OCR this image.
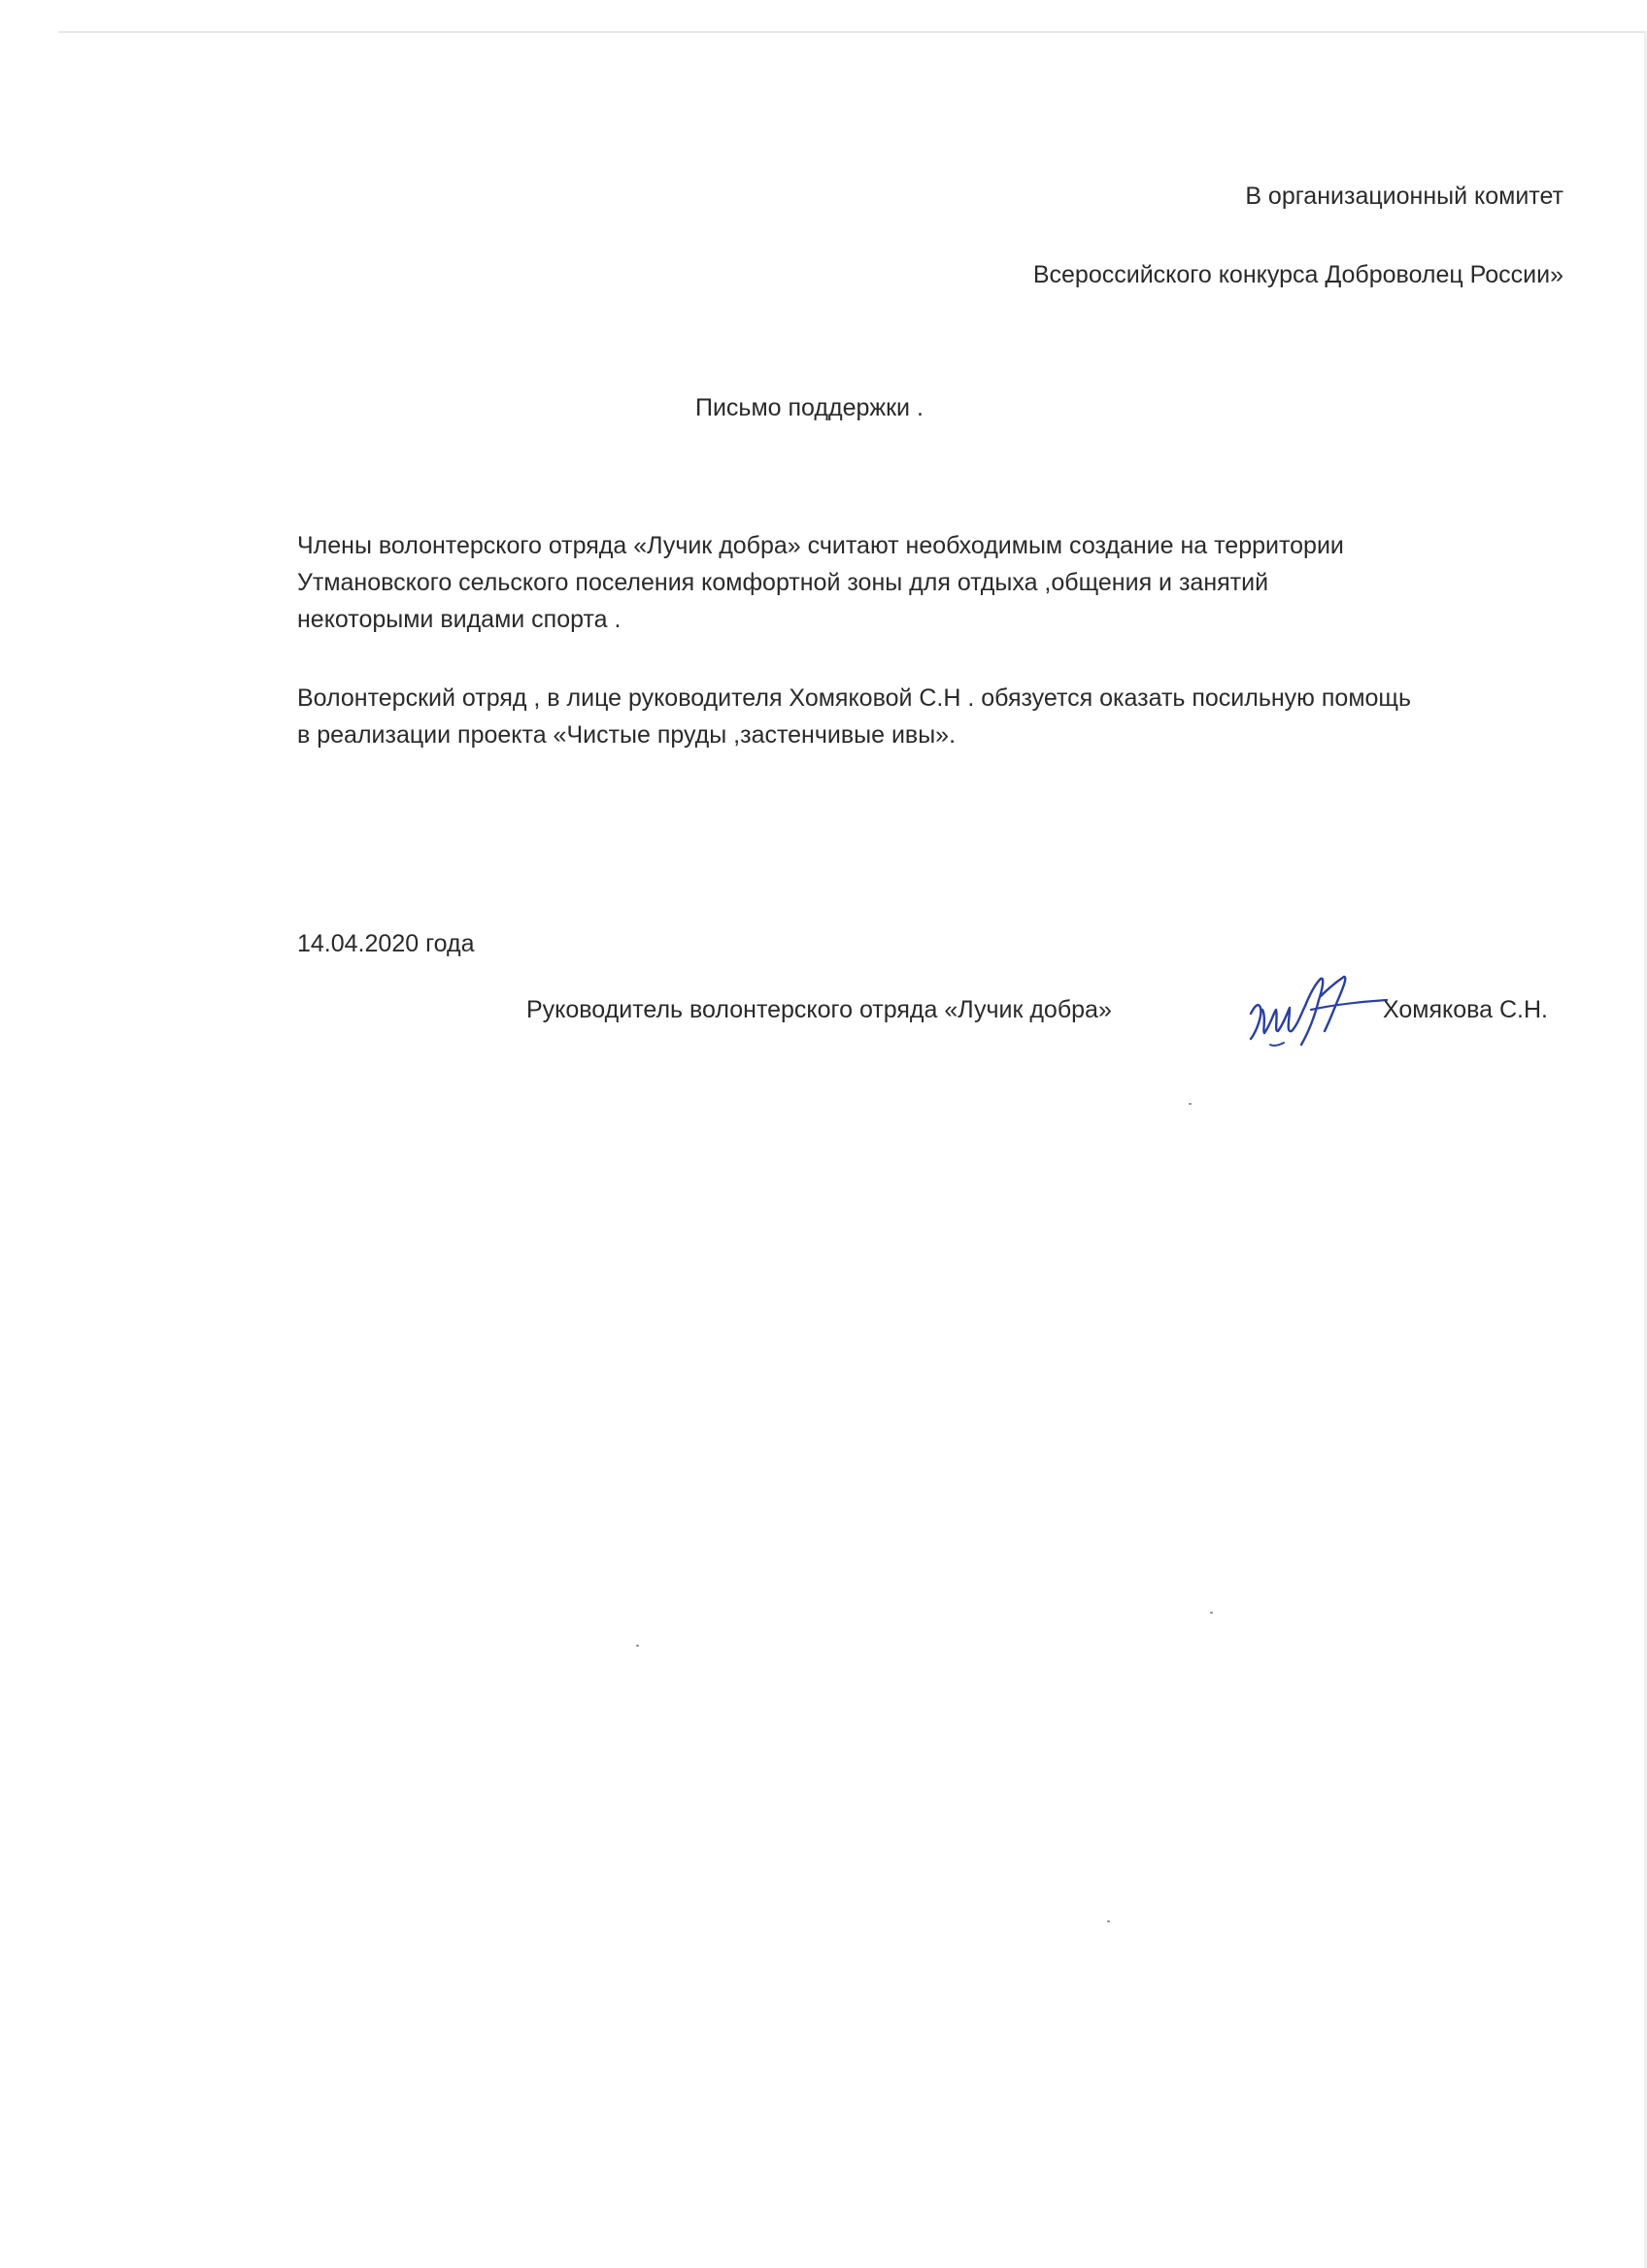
В организационный комитет
Всероссийского конкурса Доброволец России»
Письмо поддержки .
Члены волонтерского отряда «Лучик добра» считают необходимым создание на территории
Утмановского сельского поселения комфортной зоны для отдыха ,общения и занятий
некоторыми видами спорта .
Волонтерский отряд , в лице руководителя Хомяковой С.Н . обязуется оказать посильную помощь
в реализации проекта «Чистые пруды ,застенчивые ивы».
14.04.2020 года
Руководитель волонтерского отряда «Лучик добра»	Хомякова С.Н.
